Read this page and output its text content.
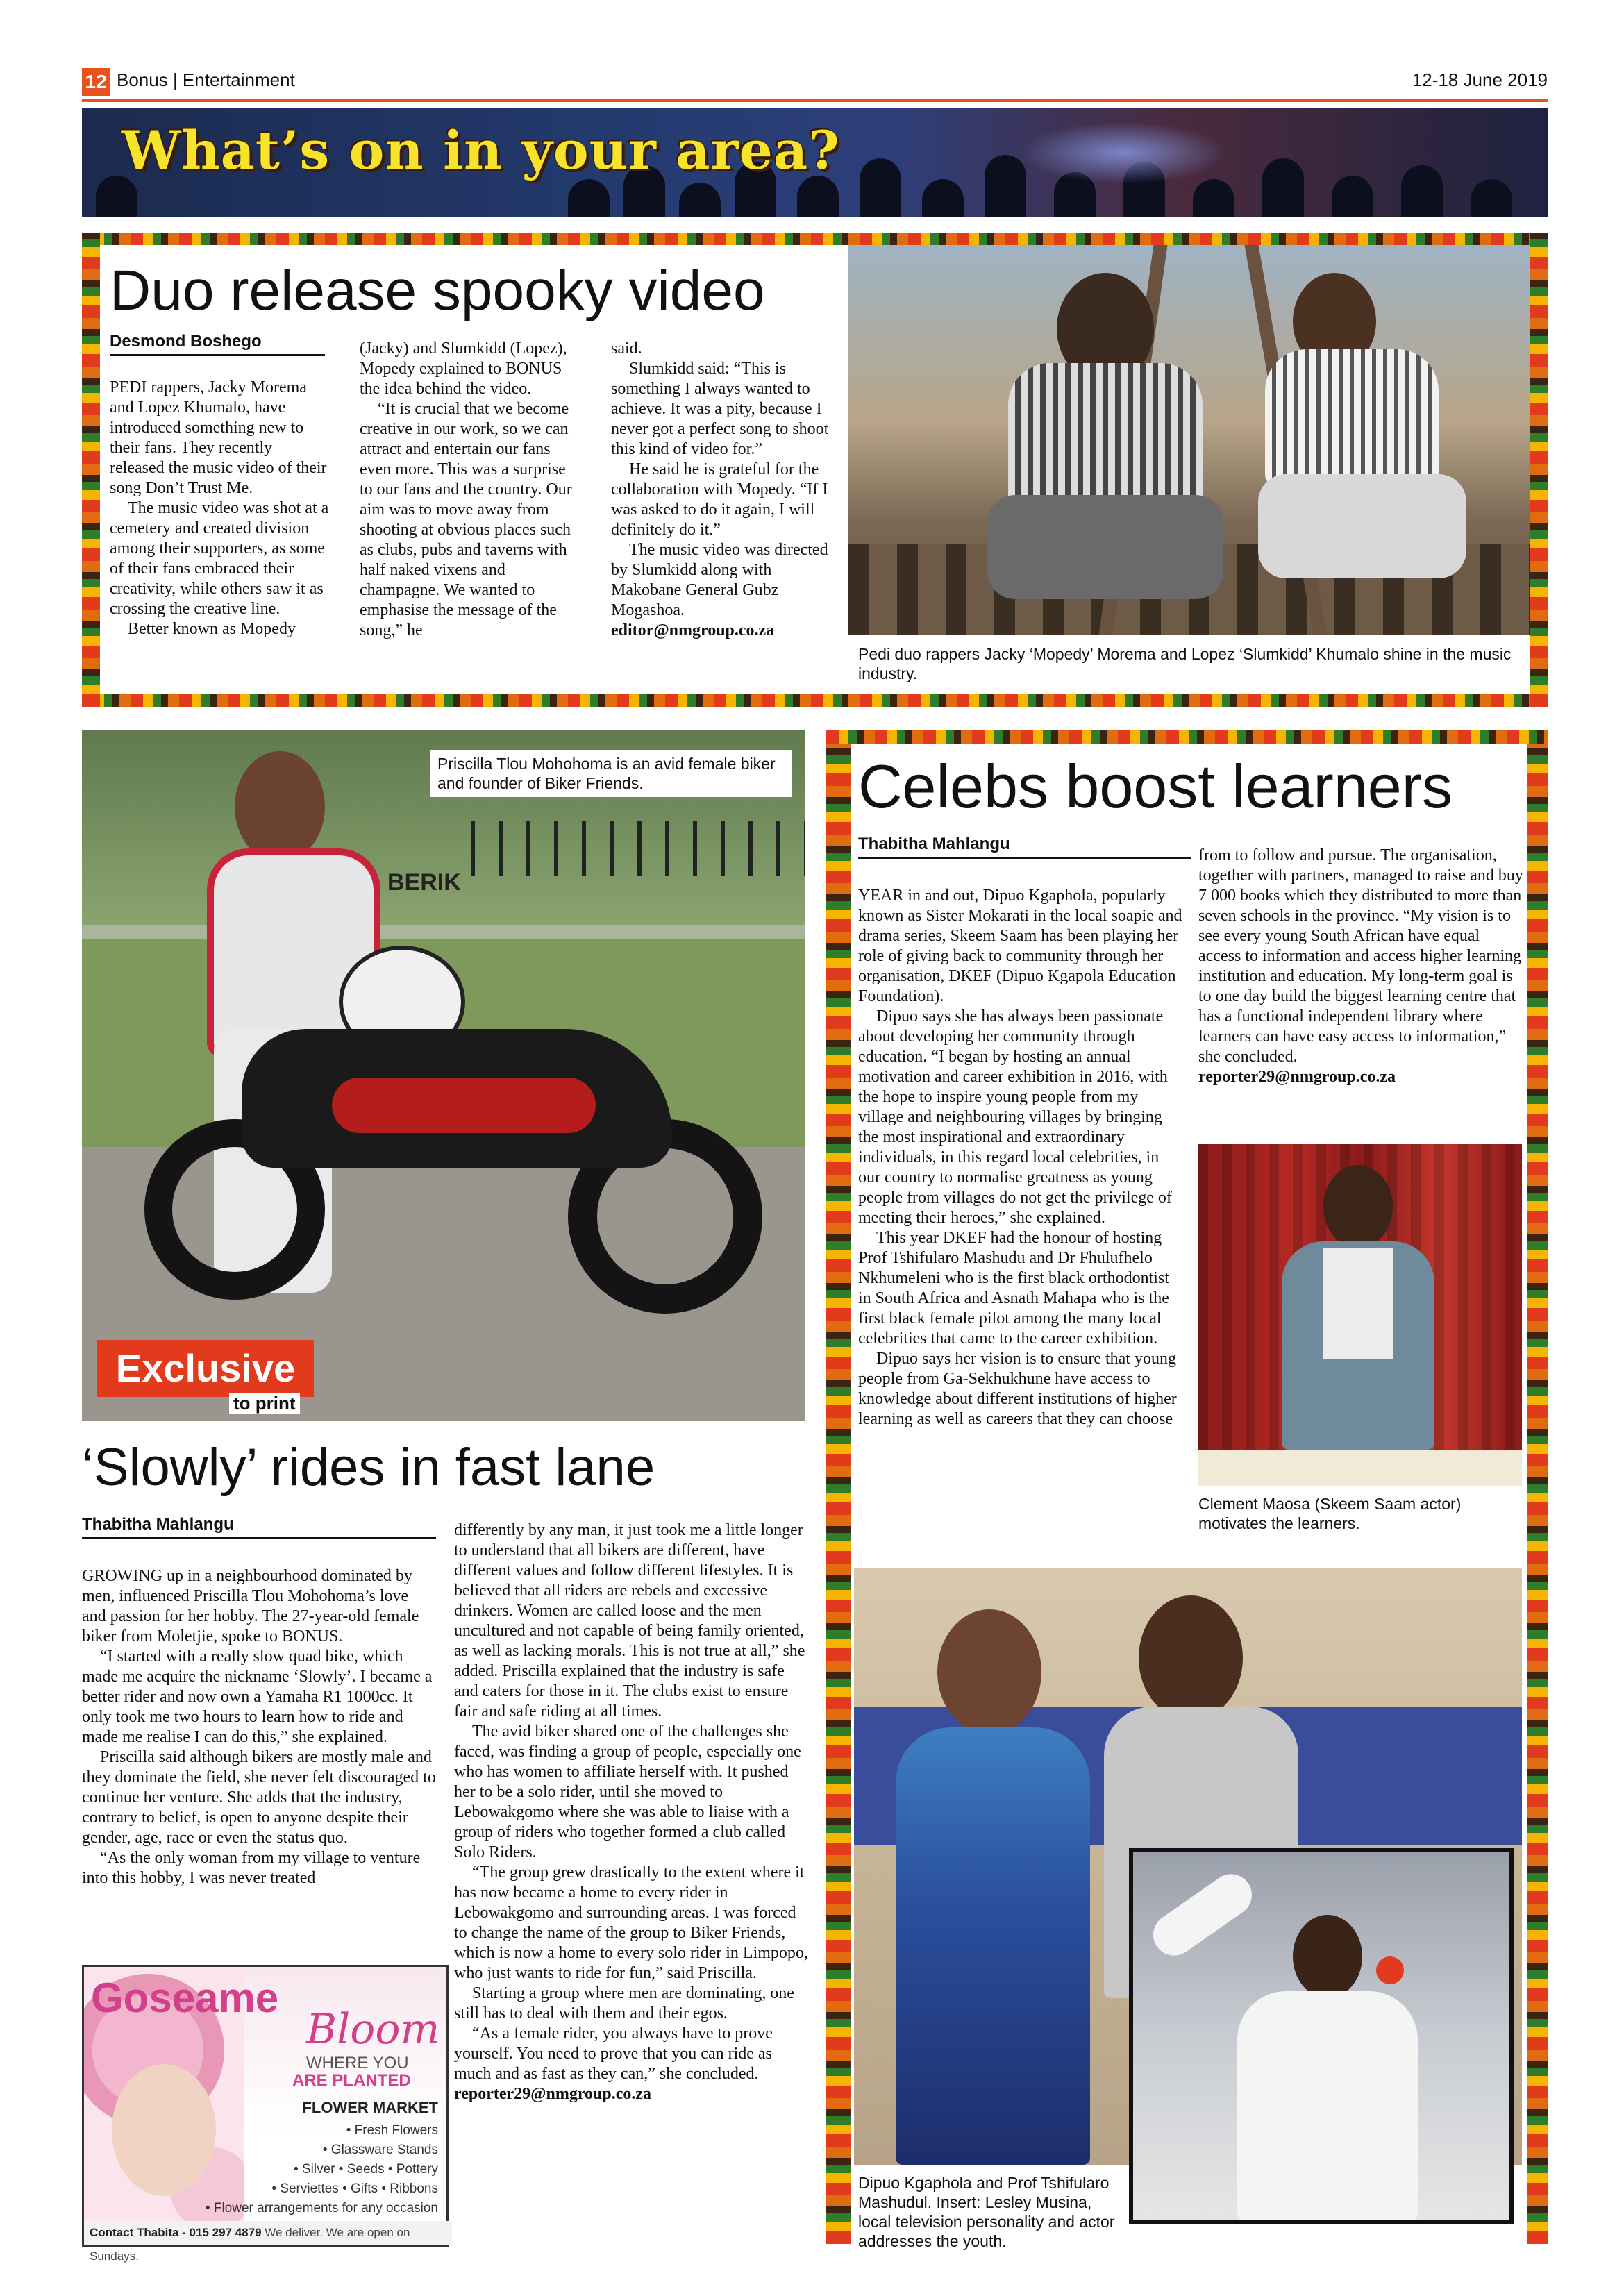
12 Bonus | Entertainment	12-18 June 2019
What’s on in your area?
Duo release spooky video
Desmond Boshego

PEDI rappers, Jacky Morema and Lopez Khumalo, have introduced something new to their fans. They recently released the music video of their song Don’t Trust Me.

The music video was shot at a cemetery and created division among their supporters, as some of their fans embraced their creativity, while others saw it as crossing the creative line.

Better known as Mopedy

(Jacky) and Slumkidd (Lopez), Mopedy explained to BONUS the idea behind the video.

“It is crucial that we become creative in our work, so we can attract and entertain our fans even more. This was a surprise to our fans and the country. Our aim was to move away from shooting at obvious places such as clubs, pubs and taverns with half naked vixens and champagne. We wanted to emphasise the message of the song,” he

said.

Slumkidd said: “This is something I always wanted to achieve. It was a pity, because I never got a perfect song to shoot this kind of video for.”

He said he is grateful for the collaboration with Mopedy. “If I was asked to do it again, I will definitely do it.”

The music video was directed by Slumkidd along with Makobane General Gubz Mogashoa.

editor@nmgroup.co.za

Pedi duo rappers Jacky ‘Mopedy’ Morema and Lopez ‘Slumkidd’ Khumalo shine in the music industry.
BERIK
Priscilla Tlou Mohohoma is an avid female biker and founder of Biker Friends.
Exclusive
to print
‘Slowly’ rides in fast lane
Thabitha Mahlangu

GROWING up in a neighbourhood dominated by men, influenced Priscilla Tlou Mohohoma’s love and passion for her hobby. The 27-year-old female biker from Moletjie, spoke to BONUS.

“I started with a really slow quad bike, which made me acquire the nickname ‘Slowly’. I became a better rider and now own a Yamaha R1 1000cc. It only took me two hours to learn how to ride and made me realise I can do this,” she explained.

Priscilla said although bikers are mostly male and they dominate the field, she never felt discouraged to continue her venture. She adds that the industry, contrary to belief, is open to anyone despite their gender, age, race or even the status quo.

“As the only woman from my village to venture into this hobby, I was never treated

differently by any man, it just took me a little longer to understand that all bikers are different, have different values and follow different lifestyles. It is believed that all riders are rebels and excessive drinkers. Women are called loose and the men uncultured and not capable of being family oriented, as well as lacking morals. This is not true at all,” she added. Priscilla explained that the industry is safe and caters for those in it. The clubs exist to ensure fair and safe riding at all times.

The avid biker shared one of the challenges she faced, was finding a group of people, especially one who has women to affiliate herself with. It pushed her to be a solo rider, until she moved to Lebowakgomo where she was able to liaise with a group of riders who together formed a club called Solo Riders.

“The group grew drastically to the extent where it has now became a home to every rider in Lebowakgomo and surrounding areas. I was forced to change the name of the group to Biker Friends, which is now a home to every solo rider in Limpopo, who just wants to ride for fun,” said Priscilla.

Starting a group where men are dominating, one still has to deal with them and their egos.

“As a female rider, you always have to prove yourself. You need to prove that you can ride as much and as fast as they can,” she concluded.

reporter29@nmgroup.co.za

Goseame
Bloom
WHERE YOU
ARE PLANTED
FLOWER MARKET
• Fresh Flowers
• Glassware Stands
• Silver • Seeds • Pottery
• Serviettes • Gifts • Ribbons
• Flower arrangements for any occasion
Contact Thabita - 015 297 4879 We deliver. We are open on Sundays.
Celebs boost learners
Thabitha Mahlangu

YEAR in and out, Dipuo Kgaphola, popularly known as Sister Mokarati in the local soapie and drama series, Skeem Saam has been playing her role of giving back to community through her organisation, DKEF (Dipuo Kgapola Education Foundation).

Dipuo says she has always been passionate about developing her community through education. “I began by hosting an annual motivation and career exhibition in 2016, with the hope to inspire young people from my village and neighbouring villages by bringing the most inspirational and extraordinary individuals, in this regard local celebrities, in our country to normalise greatness as young people from villages do not get the privilege of meeting their heroes,” she explained.

This year DKEF had the honour of hosting Prof Tshifularo Mashudu and Dr Fhulufhelo Nkhumeleni who is the first black orthodontist in South Africa and Asnath Mahapa who is the first black female pilot among the many local celebrities that came to the career exhibition.

Dipuo says her vision is to ensure that young people from Ga-Sekhukhune have access to knowledge about different institutions of higher learning as well as careers that they can choose

from to follow and pursue. The organisation, together with partners, managed to raise and buy 7 000 books which they distributed to more than seven schools in the province. “My vision is to see every young South African have equal access to information and access higher learning institution and education. My long-term goal is to one day build the biggest learning centre that has a functional independent library where learners can have easy access to information,” she concluded.

reporter29@nmgroup.co.za

Clement Maosa (Skeem Saam actor) motivates the learners.
Dipuo Kgaphola and Prof Tshifularo Mashudul. Insert: Lesley Musina, local television personality and actor addresses the youth.
